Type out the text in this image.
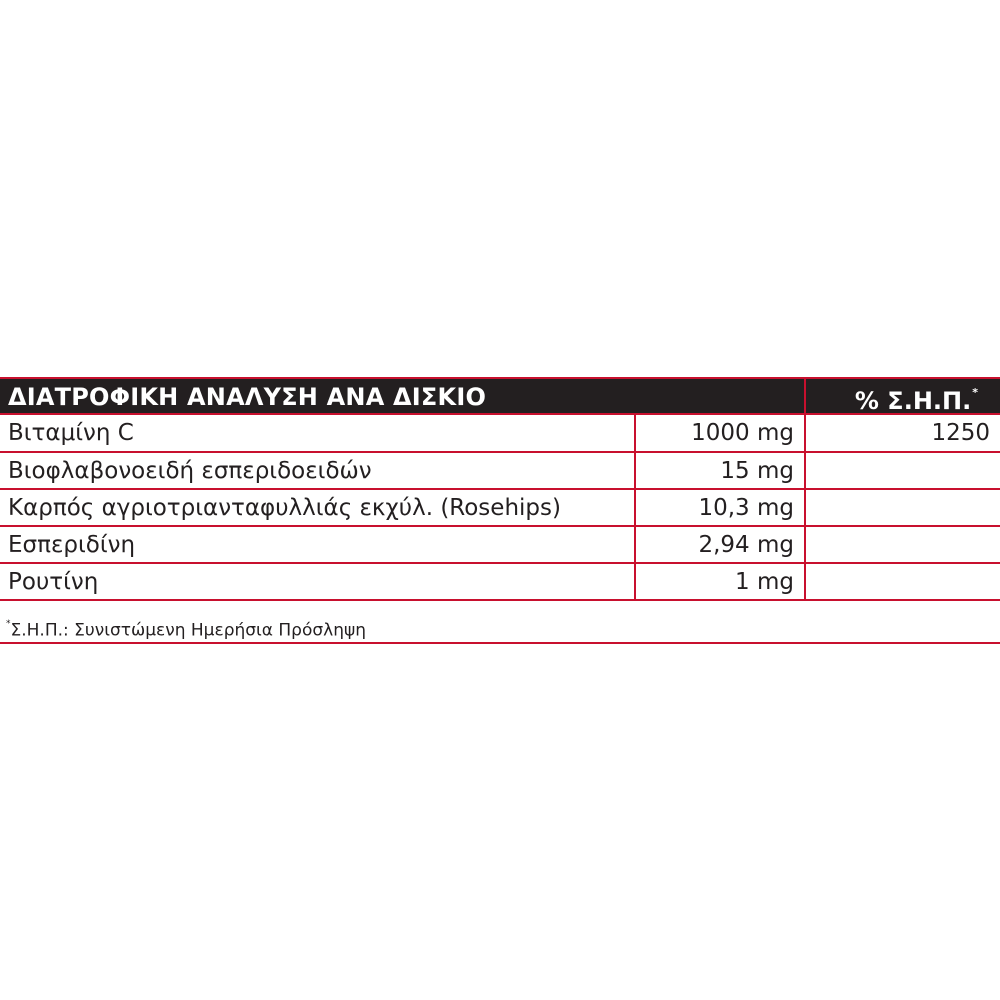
ΔΙΑΤΡΟΦΙΚΗ ΑΝΑΛΥΣΗ ΑΝΑ ΔΙΣΚΙΟ	% Σ.Η.Π.*
Βιταμίνη C	1000 mg	1250
Βιοφλαβονοειδή εσπεριδοειδών	15 mg	
Καρπός αγριοτριανταφυλλιάς εκχύλ. (Rosehips)	10,3 mg	
Εσπεριδίνη	2,94 mg	
Ρουτίνη	1 mg	
*Σ.Η.Π.: Συνιστώμενη Ημερήσια Πρόσληψη
